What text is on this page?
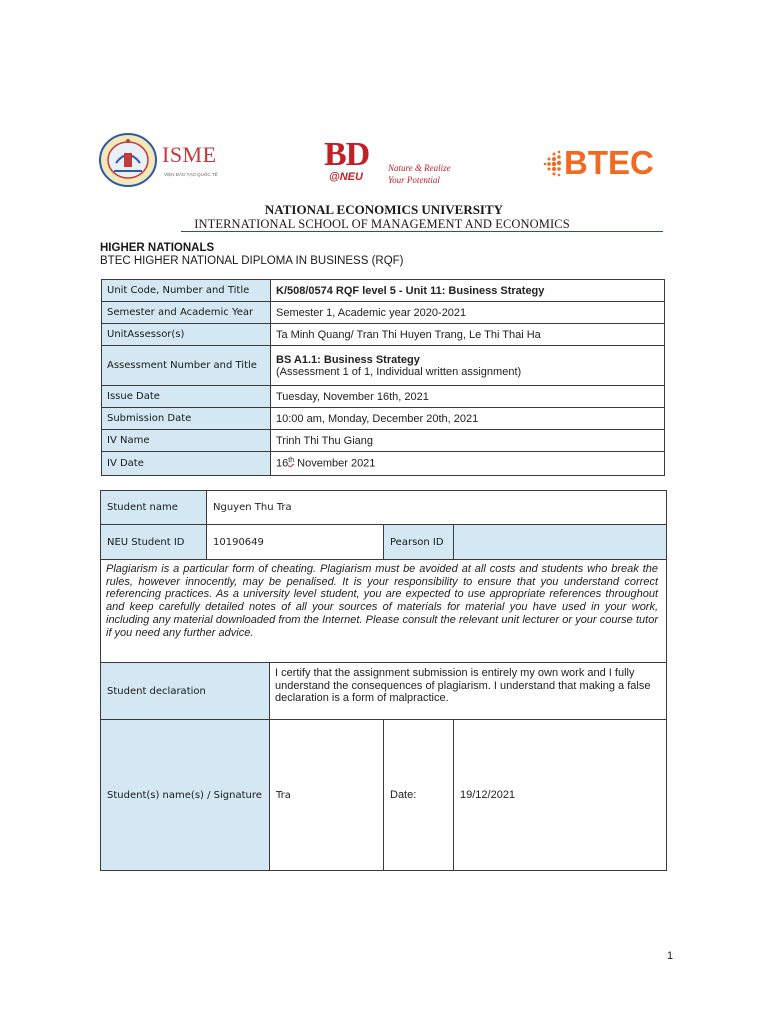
ISME
VIỆN ĐÀO TẠO QUỐC TẾ
BD
@NEU
Nature & Realize
Your Potential	BTEC
NATIONAL ECONOMICS UNIVERSITY
INTERNATIONAL SCHOOL OF MANAGEMENT AND ECONOMICS
HIGHER NATIONALS
BTEC HIGHER NATIONAL DIPLOMA IN BUSINESS (RQF)
Unit Code, Number and Title	K/508/0574 RQF level 5 - Unit 11: Business Strategy
Semester and Academic Year	Semester 1, Academic year 2020-2021
UnitAssessor(s)	Ta Minh Quang/ Tran Thi Huyen Trang, Le Thi Thai Ha
Assessment Number and Title	BS A1.1: Business Strategy
(Assessment 1 of 1, Individual written assignment)

Issue Date	Tuesday, November 16th, 2021
Submission Date	10:00 am, Monday, December 20th, 2021
IV Name	Trinh Thi Thu Giang
IV Date	16th November 2021
Student name	Nguyen Thu Tra			
NEU Student ID	10190649		Pearson ID	
Plagiarism is a particular form of cheating. Plagiarism must be avoided at all costs and students who break the rules, however innocently, may be penalised. It is your responsibility to ensure that you understand correct referencing practices. As a university level student, you are expected to use appropriate references throughout and keep carefully detailed notes of all your sources of materials for material you have used in your work, including any material downloaded from the Internet. Please consult the relevant unit lecturer or your course tutor if you need any further advice.				
Student declaration		I certify that the assignment submission is entirely my own work and I fully understand the consequences of plagiarism. I understand that making a false declaration is a form of malpractice.		
Student(s) name(s) / Signature		Tra	Date:	19/12/2021
1
